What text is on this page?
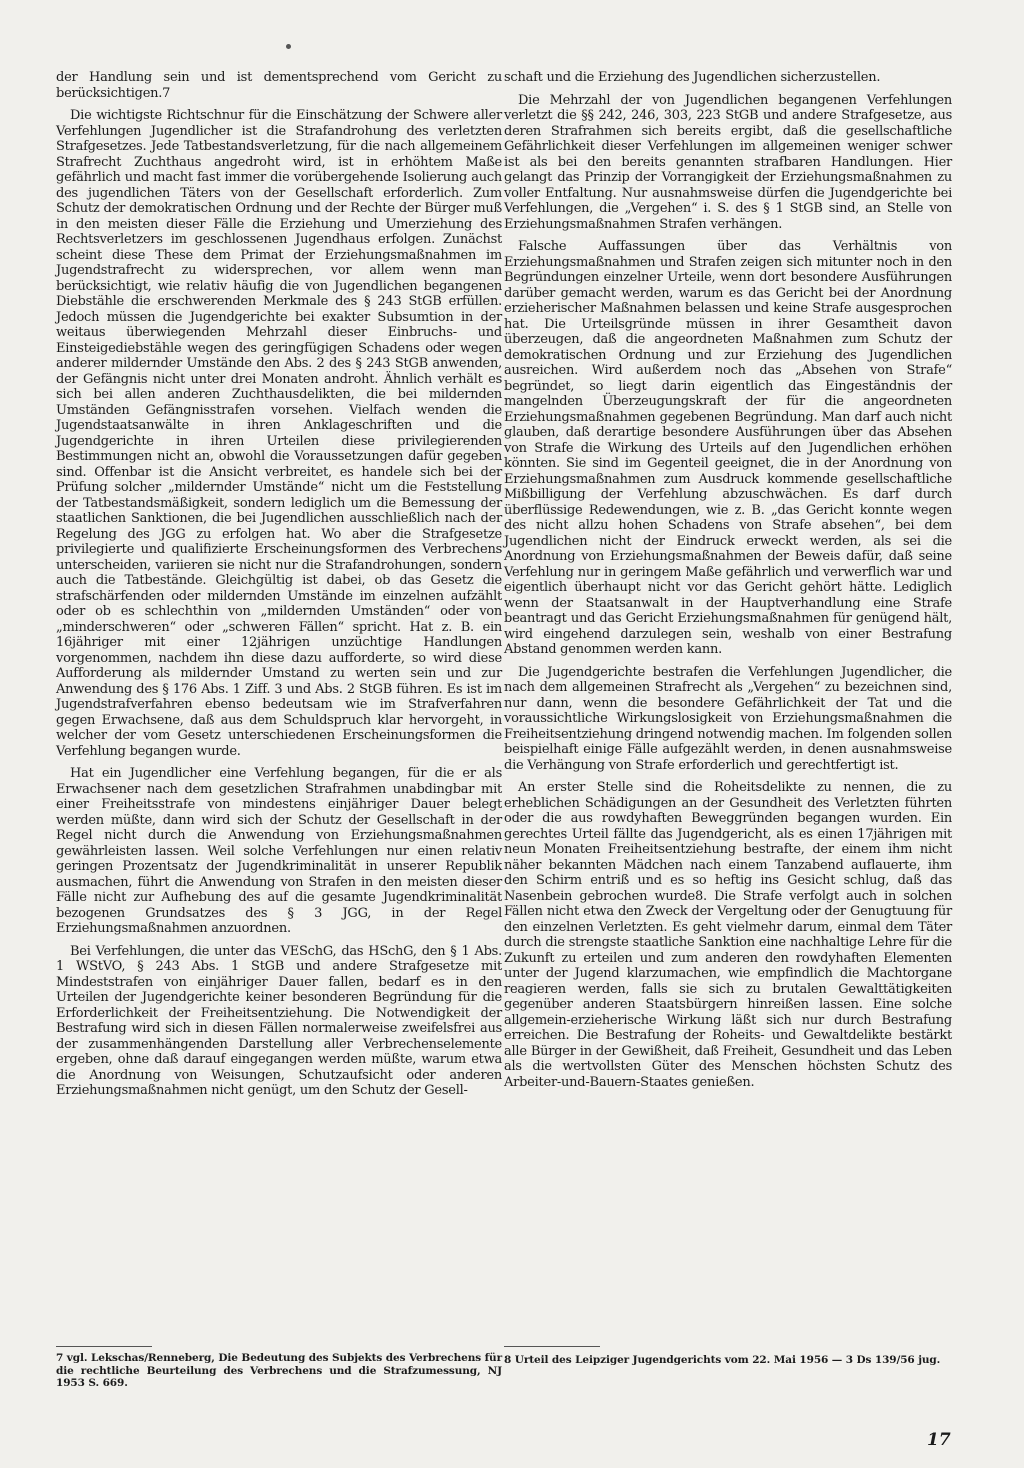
der Handlung sein und ist dementsprechend vom Gericht zu berücksichtigen.7

Die wichtigste Richtschnur für die Einschätzung der Schwere aller Verfehlungen Jugendlicher ist die Strafandrohung des verletzten Strafgesetzes. Jede Tatbestandsverletzung, für die nach allgemeinem Strafrecht Zuchthaus angedroht wird, ist in erhöhtem Maße gefährlich und macht fast immer die vorübergehende Isolierung auch des jugendlichen Täters von der Gesellschaft erforderlich. Zum Schutz der demokratischen Ordnung und der Rechte der Bürger muß in den meisten dieser Fälle die Erziehung und Umerziehung des Rechtsverletzers im geschlossenen Jugendhaus erfolgen. Zunächst scheint diese These dem Primat der Erziehungsmaßnahmen im Jugendstrafrecht zu widersprechen, vor allem wenn man berücksichtigt, wie relativ häufig die von Jugendlichen begangenen Diebstähle die erschwerenden Merkmale des § 243 StGB erfüllen. Jedoch müssen die Jugendgerichte bei exakter Subsumtion in der weitaus überwiegenden Mehrzahl dieser Einbruchs- und Einsteigediebstähle wegen des geringfügigen Schadens oder wegen anderer mildernder Umstände den Abs. 2 des § 243 StGB anwenden, der Gefängnis nicht unter drei Monaten androht. Ähnlich verhält es sich bei allen anderen Zuchthausdelikten, die bei mildernden Umständen Gefängnisstrafen vorsehen. Vielfach wenden die Jugendstaatsanwälte in ihren Anklageschriften und die Jugendgerichte in ihren Urteilen diese privilegierenden Bestimmungen nicht an, obwohl die Voraussetzungen dafür gegeben sind. Offenbar ist die Ansicht verbreitet, es handele sich bei der Prüfung solcher „mildernder Umstände“ nicht um die Feststellung der Tatbestandsmäßigkeit, sondern lediglich um die Bemessung der staatlichen Sanktionen, die bei Jugendlichen ausschließlich nach der Regelung des JGG zu erfolgen hat. Wo aber die Strafgesetze privilegierte und qualifizierte Erscheinungsformen des Verbrechens unterscheiden, variieren sie nicht nur die Strafandrohungen, sondern auch die Tatbestände. Gleichgültig ist dabei, ob das Gesetz die strafschärfenden oder mildernden Umstände im einzelnen aufzählt oder ob es schlechthin von „mildernden Umständen“ oder von „minderschweren“ oder „schweren Fällen“ spricht. Hat z. B. ein 16jähriger mit einer 12jährigen unzüchtige Handlungen vorgenommen, nachdem ihn diese dazu aufforderte, so wird diese Aufforderung als mildernder Umstand zu werten sein und zur Anwendung des § 176 Abs. 1 Ziff. 3 und Abs. 2 StGB führen. Es ist im Jugendstrafverfahren ebenso bedeutsam wie im Strafverfahren gegen Erwachsene, daß aus dem Schuldspruch klar hervorgeht, in welcher der vom Gesetz unterschiedenen Erscheinungsformen die Verfehlung begangen wurde.

Hat ein Jugendlicher eine Verfehlung begangen, für die er als Erwachsener nach dem gesetzlichen Strafrahmen unabdingbar mit einer Freiheitsstrafe von mindestens einjähriger Dauer belegt werden müßte, dann wird sich der Schutz der Gesellschaft in der Regel nicht durch die Anwendung von Erziehungsmaßnahmen gewährleisten lassen. Weil solche Verfehlungen nur einen relativ geringen Prozentsatz der Jugendkriminalität in unserer Republik ausmachen, führt die Anwendung von Strafen in den meisten dieser Fälle nicht zur Aufhebung des auf die gesamte Jugendkriminalität bezogenen Grundsatzes des § 3 JGG, in der Regel Erziehungsmaßnahmen anzuordnen.

Bei Verfehlungen, die unter das VESchG, das HSchG, den § 1 Abs. 1 WStVO, § 243 Abs. 1 StGB und andere Strafgesetze mit Mindeststrafen von einjähriger Dauer fallen, bedarf es in den Urteilen der Jugendgerichte keiner besonderen Begründung für die Erforderlichkeit der Freiheitsentziehung. Die Notwendigkeit der Bestrafung wird sich in diesen Fällen normalerweise zweifelsfrei aus der zusammenhängenden Darstellung aller Verbrechenselemente ergeben, ohne daß darauf eingegangen werden müßte, warum etwa die Anordnung von Weisungen, Schutzaufsicht oder anderen Erziehungsmaßnahmen nicht genügt, um den Schutz der Gesell-

schaft und die Erziehung des Jugendlichen sicherzustellen.

Die Mehrzahl der von Jugendlichen begangenen Verfehlungen verletzt die §§ 242, 246, 303, 223 StGB und andere Strafgesetze, aus deren Strafrahmen sich bereits ergibt, daß die gesellschaftliche Gefährlichkeit dieser Verfehlungen im allgemeinen weniger schwer ist als bei den bereits genannten strafbaren Handlungen. Hier gelangt das Prinzip der Vorrangigkeit der Erziehungsmaßnahmen zu voller Entfaltung. Nur ausnahmsweise dürfen die Jugendgerichte bei Verfehlungen, die „Vergehen“ i. S. des § 1 StGB sind, an Stelle von Erziehungsmaßnahmen Strafen verhängen.

Falsche Auffassungen über das Verhältnis von Erziehungsmaßnahmen und Strafen zeigen sich mitunter noch in den Begründungen einzelner Urteile, wenn dort besondere Ausführungen darüber gemacht werden, warum es das Gericht bei der Anordnung erzieherischer Maßnahmen belassen und keine Strafe ausgesprochen hat. Die Urteilsgründe müssen in ihrer Gesamtheit davon überzeugen, daß die angeordneten Maßnahmen zum Schutz der demokratischen Ordnung und zur Erziehung des Jugendlichen ausreichen. Wird außerdem noch das „Absehen von Strafe“ begründet, so liegt darin eigentlich das Eingeständnis der mangelnden Überzeugungskraft der für die angeordneten Erziehungsmaßnahmen gegebenen Begründung. Man darf auch nicht glauben, daß derartige besondere Ausführungen über das Absehen von Strafe die Wirkung des Urteils auf den Jugendlichen erhöhen könnten. Sie sind im Gegenteil geeignet, die in der Anordnung von Erziehungsmaßnahmen zum Ausdruck kommende gesellschaftliche Mißbilligung der Verfehlung abzuschwächen. Es darf durch überflüssige Redewendungen, wie z. B. „das Gericht konnte wegen des nicht allzu hohen Schadens von Strafe absehen“, bei dem Jugendlichen nicht der Eindruck erweckt werden, als sei die Anordnung von Erziehungsmaßnahmen der Beweis dafür, daß seine Verfehlung nur in geringem Maße gefährlich und verwerflich war und eigentlich überhaupt nicht vor das Gericht gehört hätte. Lediglich wenn der Staatsanwalt in der Hauptverhandlung eine Strafe beantragt und das Gericht Erziehungsmaßnahmen für genügend hält, wird eingehend darzulegen sein, weshalb von einer Bestrafung Abstand genommen werden kann.

Die Jugendgerichte bestrafen die Verfehlungen Jugendlicher, die nach dem allgemeinen Strafrecht als „Vergehen“ zu bezeichnen sind, nur dann, wenn die besondere Gefährlichkeit der Tat und die voraussichtliche Wirkungslosigkeit von Erziehungsmaßnahmen die Freiheitsentziehung dringend notwendig machen. Im folgenden sollen beispielhaft einige Fälle aufgezählt werden, in denen ausnahmsweise die Verhängung von Strafe erforderlich und gerechtfertigt ist.

An erster Stelle sind die Roheitsdelikte zu nennen, die zu erheblichen Schädigungen an der Gesundheit des Verletzten führten oder die aus rowdyhaften Beweggründen begangen wurden. Ein gerechtes Urteil fällte das Jugendgericht, als es einen 17jährigen mit neun Monaten Freiheitsentziehung bestrafte, der einem ihm nicht näher bekannten Mädchen nach einem Tanzabend auflauerte, ihm den Schirm entriß und es so heftig ins Gesicht schlug, daß das Nasenbein gebrochen wurde8. Die Strafe verfolgt auch in solchen Fällen nicht etwa den Zweck der Vergeltung oder der Genugtuung für den einzelnen Verletzten. Es geht vielmehr darum, einmal dem Täter durch die strengste staatliche Sanktion eine nachhaltige Lehre für die Zukunft zu erteilen und zum anderen den rowdyhaften Elementen unter der Jugend klarzumachen, wie empfindlich die Machtorgane reagieren werden, falls sie sich zu brutalen Gewalttätigkeiten gegenüber anderen Staatsbürgern hinreißen lassen. Eine solche allgemein-erzieherische Wirkung läßt sich nur durch Bestrafung erreichen. Die Bestrafung der Roheits- und Gewaltdelikte bestärkt alle Bürger in der Gewißheit, daß Freiheit, Gesundheit und das Leben als die wertvollsten Güter des Menschen höchsten Schutz des Arbeiter-und-Bauern-Staates genießen.

7 vgl. Lekschas/Renneberg, Die Bedeutung des Subjekts des Verbrechens für die rechtliche Beurteilung des Verbrechens und die Strafzumessung, NJ 1953 S. 669.

8 Urteil des Leipziger Jugendgerichts vom 22. Mai 1956 — 3 Ds 139/56 jug.

17
